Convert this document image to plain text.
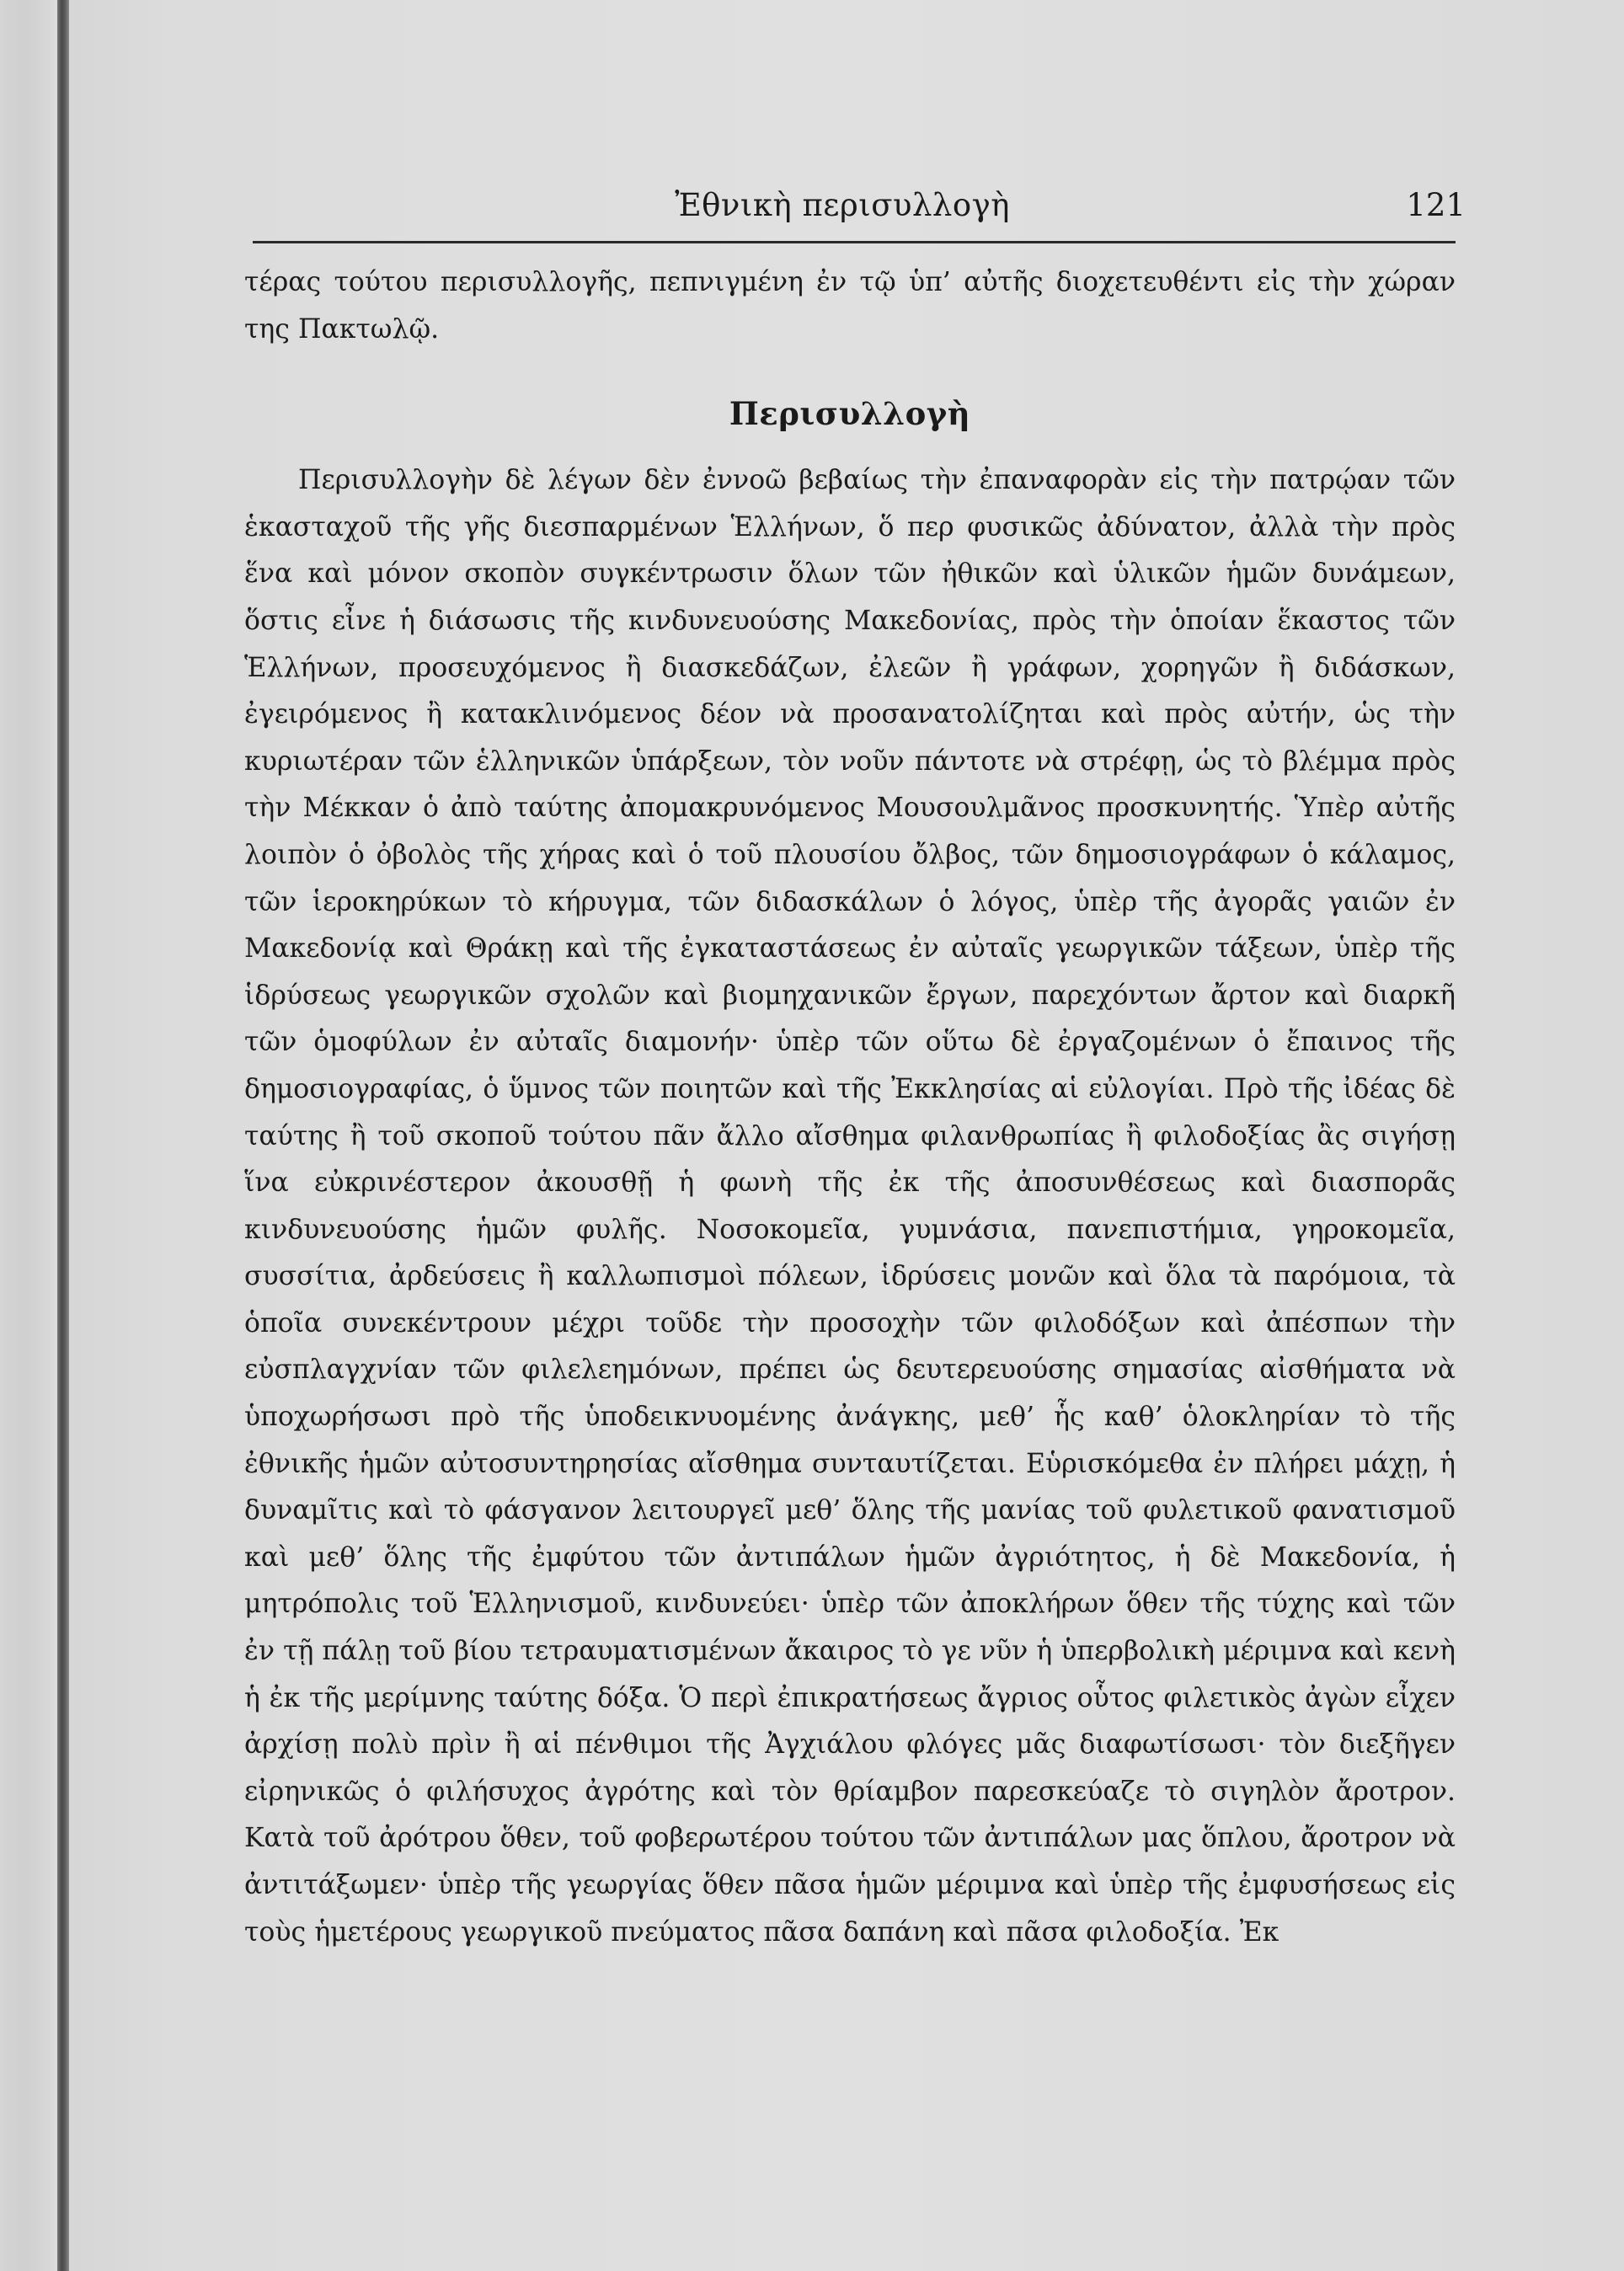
Ἐθνικὴ περισυλλογὴ	121

τέρας τούτου περισυλλογῆς, πεπνιγμένη ἐν τῷ ὑπ’ αὐτῆς διοχετευθέντι εἰς τὴν χώραν της Πακτωλῷ.

Περισυλλογὴ

Περισυλλογὴν δὲ λέγων δὲν ἐννοῶ βεβαίως τὴν ἐπαναφορὰν εἰς τὴν πατρῴαν τῶν ἑκασταχοῦ τῆς γῆς διεσπαρμένων Ἑλλήνων, ὅ περ φυσικῶς ἀδύνατον, ἀλλὰ τὴν πρὸς ἕνα καὶ μόνον σκοπὸν συγκέντρωσιν ὅλων τῶν ἠθικῶν καὶ ὑλικῶν ἡμῶν δυνάμεων, ὅστις εἶνε ἡ διάσωσις τῆς κινδυνευούσης Μακεδονίας, πρὸς τὴν ὁποίαν ἕκαστος τῶν Ἑλλήνων, προσευχόμενος ἢ διασκεδάζων, ἐλεῶν ἢ γράφων, χορηγῶν ἢ διδάσκων, ἐγειρόμενος ἢ κατακλινόμενος δέον νὰ προσανατολίζηται καὶ πρὸς αὐτήν, ὡς τὴν κυριωτέραν τῶν ἑλληνικῶν ὑπάρξεων, τὸν νοῦν πάντοτε νὰ στρέφῃ, ὡς τὸ βλέμμα πρὸς τὴν Μέκκαν ὁ ἀπὸ ταύτης ἀπομακρυνόμενος Μουσουλμᾶνος προσκυνητής. Ὑπὲρ αὐτῆς λοιπὸν ὁ ὀβολὸς τῆς χήρας καὶ ὁ τοῦ πλουσίου ὄλβος, τῶν δημοσιογράφων ὁ κάλαμος, τῶν ἱεροκηρύκων τὸ κήρυγμα, τῶν διδασκάλων ὁ λόγος, ὑπὲρ τῆς ἀγορᾶς γαιῶν ἐν Μακεδονίᾳ καὶ Θράκῃ καὶ τῆς ἐγκαταστάσεως ἐν αὐταῖς γεωργικῶν τάξεων, ὑπὲρ τῆς ἱδρύσεως γεωργικῶν σχολῶν καὶ βιομηχανικῶν ἔργων, παρεχόντων ἄρτον καὶ διαρκῆ τῶν ὁμοφύλων ἐν αὐταῖς διαμονήν· ὑπὲρ τῶν οὕτω δὲ ἐργαζομένων ὁ ἔπαινος τῆς δημοσιογραφίας, ὁ ὕμνος τῶν ποιητῶν καὶ τῆς Ἐκκλησίας αἱ εὐλογίαι. Πρὸ τῆς ἰδέας δὲ ταύτης ἢ τοῦ σκοποῦ τούτου πᾶν ἄλλο αἴσθημα φιλανθρωπίας ἢ φιλοδοξίας ἂς σιγήσῃ ἵνα εὐκρινέστερον ἀκουσθῇ ἡ φωνὴ τῆς ἐκ τῆς ἀποσυνθέσεως καὶ διασπορᾶς κινδυνευούσης ἡμῶν φυλῆς. Νοσοκομεῖα, γυμνάσια, πανεπιστήμια, γηροκομεῖα, συσσίτια, ἀρδεύσεις ἢ καλλωπισμοὶ πόλεων, ἱδρύσεις μονῶν καὶ ὅλα τὰ παρόμοια, τὰ ὁποῖα συνεκέντρουν μέχρι τοῦδε τὴν προσοχὴν τῶν φιλοδόξων καὶ ἀπέσπων τὴν εὐσπλαγχνίαν τῶν φιλελεημόνων, πρέπει ὡς δευτερευούσης σημασίας αἰσθήματα νὰ ὑποχωρήσωσι πρὸ τῆς ὑποδεικνυομένης ἀνάγκης, μεθ’ ἧς καθ’ ὁλοκληρίαν τὸ τῆς ἐθνικῆς ἡμῶν αὐτοσυντηρησίας αἴσθημα συνταυτίζεται. Εὑρισκόμεθα ἐν πλήρει μάχῃ, ἡ δυναμῖτις καὶ τὸ φάσγανον λειτουργεῖ μεθ’ ὅλης τῆς μανίας τοῦ φυλετικοῦ φανατισμοῦ καὶ μεθ’ ὅλης τῆς ἐμφύτου τῶν ἀντιπάλων ἡμῶν ἀγριότητος, ἡ δὲ Μακεδονία, ἡ μητρόπολις τοῦ Ἑλληνισμοῦ, κινδυνεύει· ὑπὲρ τῶν ἀποκλήρων ὅθεν τῆς τύχης καὶ τῶν ἐν τῇ πάλῃ τοῦ βίου τετραυματισμένων ἄκαιρος τὸ γε νῦν ἡ ὑπερβολικὴ μέριμνα καὶ κενὴ ἡ ἐκ τῆς μερίμνης ταύτης δόξα. Ὁ περὶ ἐπικρατήσεως ἄγριος οὗτος φιλετικὸς ἀγὼν εἶχεν ἀρχίσῃ πολὺ πρὶν ἢ αἱ πένθιμοι τῆς Ἀγχιάλου φλόγες μᾶς διαφωτίσωσι· τὸν διεξῆγεν εἰρηνικῶς ὁ φιλήσυχος ἀγρότης καὶ τὸν θρίαμβον παρεσκεύαζε τὸ σιγηλὸν ἄροτρον. Κατὰ τοῦ ἀρότρου ὅθεν, τοῦ φοβερωτέρου τούτου τῶν ἀντιπάλων μας ὅπλου, ἄροτρον νὰ ἀντιτάξωμεν· ὑπὲρ τῆς γεωργίας ὅθεν πᾶσα ἡμῶν μέριμνα καὶ ὑπὲρ τῆς ἐμφυσήσεως εἰς τοὺς ἡμετέρους γεωργικοῦ πνεύματος πᾶσα δαπάνη καὶ πᾶσα φιλοδοξία. Ἐκ
